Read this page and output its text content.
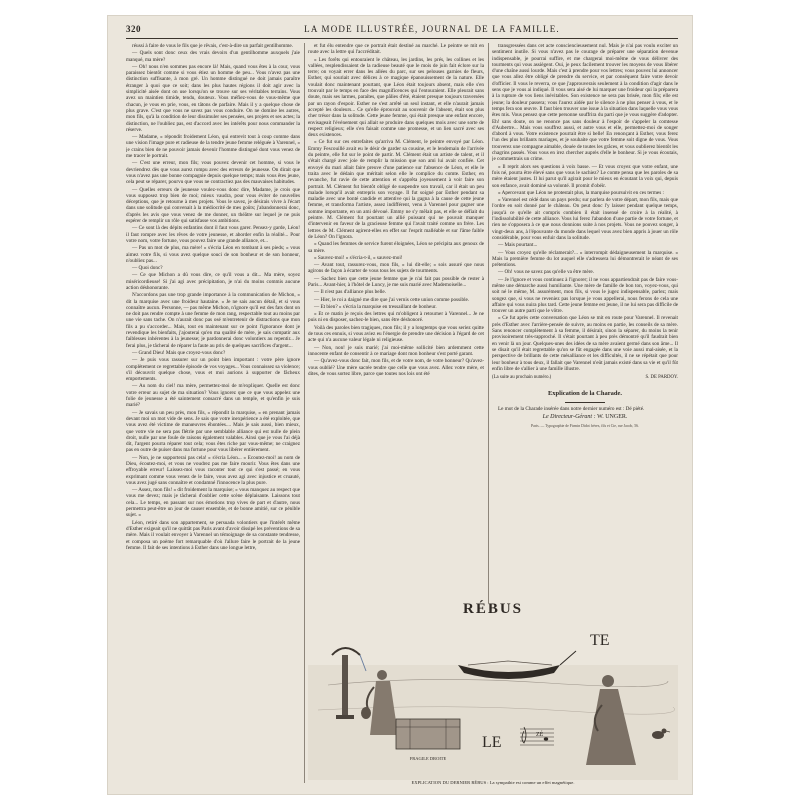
320	LA MODE ILLUSTRÉE, JOURNAL DE LA FAMILLE.

réussi à faire de vous le fils que je rêvais, c'est-à-dire un parfait gentilhomme.

— Quels sont donc ceux des vrais devoirs d'un gentilhomme auxquels j'aie manqué, ma mère?

— Oh! nous n'en sommes pas encore là! Mais, quand vous êtes à la cour, vous paraissez bientôt comme si vous étiez un homme de peu... Vous n'avez pas une distinction suffisante, à mon gré. Un homme distingué ne doit jamais paraître étranger à quoi que ce soit; dans les plus hautes régions il doit agir avec la simplicité aisée dont on use lorsqu'on se trouve sur ses véritables terrains. Vous avez un maintien timide, tendu, douteux. Vous méfiez-vous de vous-même que chacun, je vous en prie, vous, en tâtons de parfaire. Mais il y a quelque chose de plus grave. C'est que vous ne savez pas vous conduire. On ne domine les autres, mon fils, qu'à la condition de leur dissimuler ses pensées, ses projets et ses actes; la distinction, ne l'oubliez pas, est d'accord avec les intérêts pour nous commander la réserve.

— Madame, » répondit froidement Léon, qui entrevit tout à coup comme dans une vision l'image pure et radieuse de la tendre jeune femme reléguée à Varennel, « je crains bien de ne pouvoir jamais devenir l'homme distingué dont vous venez de me tracer le portrait.

— C'est une erreur, mon fils; vous pouvez devenir cet homme, si vous le devriendrez dès que vous aurez rompu avec des erreurs de jeunesse. On dirait que vous n'avez pas une bonne compagnie depuis quelque temps; mais vous êtes jeune, cela peut se réparer, pourvu que vous ne contractiez pas des mauvaises habitudes.

— Quelles erreurs de jeunesse voulez-vous donc dire, Madame, je crois que vous supposez trop bien de moi; mieux vaudra, pour vous éviter de nouvelles déceptions, que je retourne à mes projets. Vous le savez, je désirais vivre à l'écart dans une solitude qui convenait à la médiocrité de mes goûts; j'abandonnerai donc, d'après les avis que vous venez de me donner, un théâtre sur lequel je ne puis espérer de remplir un rôle qui satisfasse vos ambitions.

— Ce sont là des dépits enfantins dont il faut vous garer. Pensez-y garde, Léon! il faut rompre avec les rêves de votre jeunesse, et aborder enfin la réalité... Pour votre nom, votre fortune, vous pouvez faire une grande alliance, et...

— Pas un mot de plus, ma mère! » s'écria Léon en tombant à ses pieds; « vous aimez votre fils, si vous avez quelque souci de son bonheur et de son honneur, n'oubliez pas...

— Quoi donc?

— Ce que Michon a dû vous dire, ce qu'il vous a dit... Ma mère, soyez miséricordieuse! Si j'ai agi avec précipitation, je n'ai du moins commis aucune action déshonorante.

N'accordons pas une trop grande importance à la communication de Michon, » dit la marquise avec une froideur hautaine. « Je ne sais aucun détail, et si vous connaître aucun. Personne, — pas même Michon, n'ignore qu'il est des fats dont on ne doit pas rendre compte à une femme de mon rang, respectable tout au moins par une vie sans tache. On n'aurait donc pas osé m'entretenir de distractions que mon fils a pu s'accorder... Mais, tout en maintenant sur ce point l'ignorance dont je revendique les bienfaits, j'ajouterai qu'en ma qualité de mère, je sais compatir aux faiblesses inhérentes à la jeunesse; je pardonnerai donc volontiers au repentir... Je ferai plus, je tâcherai de réparer la faute au prix de quelques sacrifices d'argent...

— Grand Dieu! Mais que croyez-vous donc?

— Je puis vous rassurer sur un point bien important : votre père ignore complètement ce regrettable épisode de vos voyages... Vous connaissez sa violence; s'il découvrit quelque chose, vous et moi aurions à supporter de fâcheux emportements.

— Au nom du ciel! ma mère, permettez-moi de m'expliquer. Quelle est donc votre erreur au sujet de ma situation? Vous ignorez que ce que vous appelez une folie de jeunesse a été saintement consacré dans un temple, et qu'enfin je suis marié?

— Je savais un peu près, mon fils, » répondit la marquise, « en prenant jamais devant moi un mot vide de sens. Je sais que votre inexpérience a été exploitée, que vous avez été victime de manœuvres éhontées.... Mais je sais aussi, bien mieux, que votre vie ne sera pas flétrie par une semblable alliance qui est nulle de plein droit, nulle par une foule de raisons également valables. Ainsi que je vous l'ai déjà dit, l'argent pourra réparer tout cela; vous êtes riche par vous-même; ne craignez pas en outre de puiser dans ma fortune pour vous libérer entièrement.

— Non, je ne supporterai pas cela! » s'écria Léon... « Ecoutez-moi! au nom de Dieu, écoutez-moi, et vous ne voudrez pas me faire mourir. Vous êtes dans une effroyable erreur! Laissez-moi vous raconter tout ce qui s'est passé; en vous exprimant comme vous venez de le faire, vous avez agi avec injustice et cruauté, vous avez jugé sans connaître et condamné l'innocence la plus pure.

— Assez, mon fils! » dit froidement la marquise; « vous manquez au respect que vous me devez; mais je tâcherai d'oublier cette scène déplaisante. Laissons tout cela... Le temps, en passant sur nos émotions trop vives de part et d'autre, nous permettra peut-être un jour de causer ensemble, et de bonne amitié, sur ce pénible sujet. »

Léon, retiré dans son appartement, se persuada volontiers que l'intérêt même d'Esther exigeait qu'il ne quittât pas Paris avant d'avoir dissipé les préventions de sa mère. Mais il voulait envoyer à Varennel un témoignage de sa constante tendresse, et composa un poème fort remarquable d'où l'allure faire le portrait de la jeune femme. Il fait de ses intentions à Esther dans une longue lettre,

et fut élu entendre que ce portrait était destiné au marché. Le peintre se mit en route avec la lettre qui l'accréditait.

« Les forêts qui entouraient le château, les jardins, les prés, les collines et les vallées, resplendissaient de la radieuse beauté que le mois de juin fait éclore sur la terre; on voyait errer dans les allées du parc, sur ses pelouses garnies de fleurs, Esther, qui souriait avec délices à ce magique épanouissement de la nature. Elle voulait donc maintenant pourtant, que Léon était toujours absent, mais elle s'en trouvait par le temps en face des magnificences qui l'entouraient. Elle pleurait sans doute, mais ses larmes, paraîtes, que pâlies d'été, étaient presque toujours traversées par un rayon d'espoir. Esther ne s'est arrêté un seul instant, et elle n'aurait jamais accepté les douleurs... Ce qu'elle éprouvait au souvenir de l'absent, était son plus cher trésor dans la solitude. Cette jeune femme, qui était presque une enfant encore, envisageait l'événement qui allait se produire dans quelques mois avec une sorte de respect religieux; elle s'en faisait comme une promesse, et un lien sacré avec ses deux existences.

« Ce fut sur ces entrefaites qu'arriva M. Clément, le peintre envoyé par Léon. Emmy Fescouillé avait eu le désir de garder sa cousine, et le lendemain de l'arrivée du peintre, elle fut sur le point de partir. M. Clément était un artiste de talent, et il s'était chargé avec joie de remplir la mission que son ami lui avait confiée. Cet envoyé du mari allait faire preuve d'une patience sur l'absence de Léon, et elle le traita avec le dédain que méritait selon elle le complice du comte. Esther, en revanche, fut ravie de cette attention et s'apprêta joyeusement à voir faire son portrait. M. Clément fut bientôt obligé de suspendre son travail, car il était un peu malade lorsqu'il avait entrepris son voyage. Il fut soigné par Esther pendant sa maladie avec une bonté candide et attentive qui la gagna à la cause de cette jeune femme, et transforma l'artiste, assez indifférent, venu à Varennel pour gagner une somme importante, en un ami dévoué. Emmy ne s'y mêlait pas, et elle se défiait du peintre. M. Clément fut pourtant un allié puissant qui ne pouvait manquer d'intervenir en faveur de la gracieuse femme qui l'avait traité comme un frère. Les lettres de M. Clément agirent-elles en effet sur l'esprit malléable et sur l'âme faible de Léon? On l'ignora.

« Quand les femmes de service furent éloignées, Léon se précipita aux genoux de sa mère.

« Sauvez-moi! » s'écria-t-il, « sauvez-moi!

— Avant tout, rassurez-vous, mon fils, » lui dit-elle; « sois assuré que nous agirons de façon à écarter de vous tous les sujets de tourments.

— Sachez bien que cette jeune femme que je n'ai fait pas possible de rester à Paris... Avant-hier, à l'hôtel de Luncy, je me suis marié avec Mademoiselle...

— Il n'est pas d'alliance plus belle.

— Hier, le roi a daigné me dire que j'ai vernis cette union comme possible.

— Et bien? » s'écria la marquise en tressaillant de bonheur.

« Et ce matin je reçois des lettres qui m'obligent à retourner à Varennel... Je ne puis ni en disposer, sachez-le bien, sans être déshonoré.

Voilà des paroles bien tragiques, mon fils; il y a longtemps que vous seriez quitte de tous ces ennuis, si vous aviez eu l'énergie de prendre une décision à l'égard de cet acte qui n'a aucune valeur légale ni religieuse.

— Non, non! je suis marié; j'ai moi-même sollicité bien ardemment cette innocente enfant de consentir à ce mariage dont mon bonheur s'est porté garant.

— Qu'avez-vous donc fait, mon fils, et de votre nom, de votre honneur? Qu'avez-vous oublié? Une mère sacrée tendre que celle que vous avez. Allez votre mère, et dites, de vous sortez libre, parce que toutes nos lois ont été

transgressées dans cet acte consciencieusement nul. Mais je n'ai pas voulu exciter un sentiment inutile. Si vous n'avez pas le courage de préparer une séparation devenue indispensable, je pourrai suffire, et me chargerai moi-même de vous délivrer des tourments qui vous assiègent. Oui, je peux facilement trouver les moyens de vous libérer d'une chaîne aussi lourde. Mais c'est à prendre pour vos lettres; vous pouvez lui annoncer que vous allez être obligé de prendre du service, et par conséquent faire votre devoir d'officier. Il vous le reverra, ce que j'approuverais seulement à la condition d'agir dans le sens que je vous ai indiqué. Il vous sera aisé de lui marquer une froideur qui la préparera à la rupture de vos liens inévitables. Son existence ne sera pas brisée, mon fils; elle est jeune; la douleur passera; vous l'aurez aidée par le silence à ne plus penser à vous, et le temps fera son œuvre. Il faut bien trouver une issue à la situation dans laquelle vous vous êtes mis. Vous pensez que cette personne souffrira du parti que je vous suggère d'adopter. Eh! sans doute, on ne renonce pas sans douleur à l'espoir de s'appeler la comtesse d'Aubertre... Mais vous souffrez aussi, et autre vous et elle, permettez-moi de songer d'abord à vous. Votre existence pourrait être si belle! En renonçant à Esther, vous ferez l'un des plus brillants mariages, et je souhaite que votre femme soit digne de vous. Vous trouverez une compagne aimable, douée de toutes les grâces, et vous oublierez bientôt les chagrins passés. Vous vous en irez chercher auprès d'elle le bonheur. Si je vous écoutais, je commettrais un crime.

« Il reprit alors ses questions à voix basse. — Et vous croyez que votre enfant, une fois né, pourra être élevé sans que vous le sachiez? Le comte pensa que les paroles de sa mère étaient justes. Il lui parut qu'il agirait pour le mieux en écoutant la voix qui, depuis son enfance, avait dominé sa volonté. Il promit d'obéir.

« Apercevant que Léon ne protestait plus, la marquise poursuivit en ces termes :

« Varennel est cédé dans un pays perdu; sur parlera de votre départ, mon fils, mais que l'ordre en soit donné par le château. On peut donc l'y laisser pendant quelque temps, jusqu'à ce qu'elle ait compris combien il était insensé de croire à la réalité, à l'indissolubilité de cette alliance. Vous lui ferez l'abandon d'une partie de votre fortune, et rien ne s'opposera à ce que nous donnions suite à nos projets. Vous ne pouvez songer, à vingt-deux ans, à l'épouvante du monde dans lequel vous avez bien appris à jouer un rôle considérable, pour vous enfuir dans la solitude.

— Mais pourtant...

— Vous croyez qu'elle réclamerait?... » interrompit dédaigneusement la marquise. « Mais la première femme du lot auquel elle s'adressera lui démontrerait le néant de ses prétentions.

— Oh! vous ne savez pas qu'elle va être mère.

— Je l'ignore et vous continuez à l'ignorer; il ne vous appartiendrait pas de faire vous-même une démarche aussi humiliante. Une mère de famille de bon ton, voyez-vous, qui soit né le même, M. assurément, mon fils, si vous le jugez indispensable, parlez; mais songez que, si vous ne reveniez pas lorsque je vous appellerai, nous ferons de cela une affaire qui vous nuira plus tard. Cette jeune femme est jeune, il ne lui sera pas difficile de trouver un autre parti que le vôtre.

« Ce fut après cette conversation que Léon se mit en route pour Varennel. Il revenait près d'Esther avec l'arrière-pensée de suivre, au moins en partie, les conseils de sa mère. Sans renoncer complètement à sa femme, il désirait, sinon la séparer, du moins la tenir provisoirement très-rapproché. Il s'était pourtant à peu près démontré qu'il faudrait bien en venir là un jour. Quelques-unes des idées de sa mère avaient germé dans son âme... Il se disait qu'il était regrettable qu'on se fût engagée dans une voie aussi mal-aisée, et la perspective de brillants de cette mésalliance et les difficultés, il ne se répétait que pour leur bonheur à tous deux, il fallait que Varennel n'eût jamais existé dans sa vie et qu'il fût enfin libre de s'allier à une famille illustre.

(La suite au prochain numéro.)	S. DE PARDOY.
Explication de la Charade.

Le mot de la Charade insérée dans notre dernier numéro est : Dé piété.

Le Directeur-Gérant : W. UNGER.
Paris. — Typographie de Firmin Didot frères, fils et Cie, rue Jacob, 56.
RÉBUS
FRAGILE DROITE
TE
LE	ZÉ
EXPLICATION DU DERNIER RÉBUS : La sympathie est comme un effet magnétique.
